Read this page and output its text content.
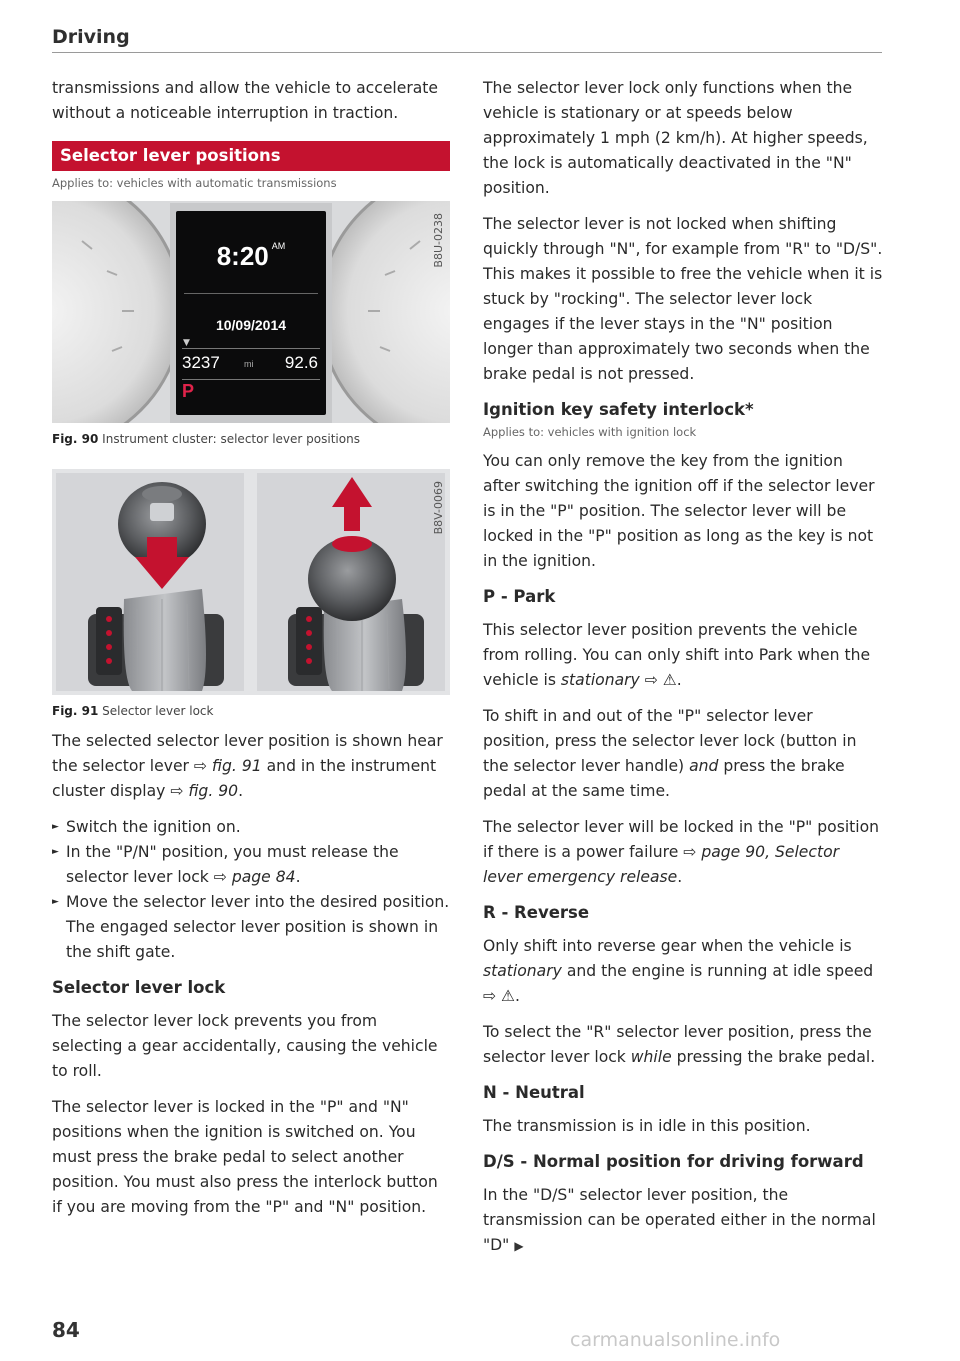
Driving

transmissions and allow the vehicle to accelerate without a noticeable interruption in traction.

Selector lever positions
Applies to: vehicles with automatic transmissions
8:20 $^{AM}$
10/09/2014
▼
3237	mi 92.6
P
B8U-0238
Fig. 90 Instrument cluster: selector lever positions
B8V-0069
Fig. 91 Selector lever lock

The selected selector lever position is shown hear the selector lever ⇨ fig. 91 and in the instrument cluster display ⇨ fig. 90.

► Switch the ignition on.
► In the "P/N" position, you must release the selector lever lock ⇨ page 84.
► Move the selector lever into the desired position. The engaged selector lever position is shown in the shift gate.
Selector lever lock

The selector lever lock prevents you from selecting a gear accidentally, causing the vehicle to roll.

The selector lever is locked in the "P" and "N" positions when the ignition is switched on. You must press the brake pedal to select another position. You must also press the interlock button if you are moving from the "P" and "N" position.

The selector lever lock only functions when the vehicle is stationary or at speeds below approximately 1 mph (2 km/h). At higher speeds, the lock is automatically deactivated in the "N" position.

The selector lever is not locked when shifting quickly through "N", for example from "R" to "D/S". This makes it possible to free the vehicle when it is stuck by "rocking". The selector lever lock engages if the lever stays in the "N" position longer than approximately two seconds when the brake pedal is not pressed.

Ignition key safety interlock*
Applies to: vehicles with ignition lock

You can only remove the key from the ignition after switching the ignition off if the selector lever is in the "P" position. The selector lever will be locked in the "P" position as long as the key is not in the ignition.

P - Park

This selector lever position prevents the vehicle from rolling. You can only shift into Park when the vehicle is stationary ⇨ ⚠.

To shift in and out of the "P" selector lever position, press the selector lever lock (button in the selector lever handle) and press the brake pedal at the same time.

The selector lever will be locked in the "P" position if there is a power failure ⇨ page 90, Selector lever emergency release.

R - Reverse

Only shift into reverse gear when the vehicle is stationary and the engine is running at idle speed ⇨ ⚠.

To select the "R" selector lever position, press the selector lever lock while pressing the brake pedal.

N - Neutral

The transmission is in idle in this position.

D/S - Normal position for driving forward

In the "D/S" selector lever position, the transmission can be operated either in the normal "D" ▶

84	carmanualsonline.info
